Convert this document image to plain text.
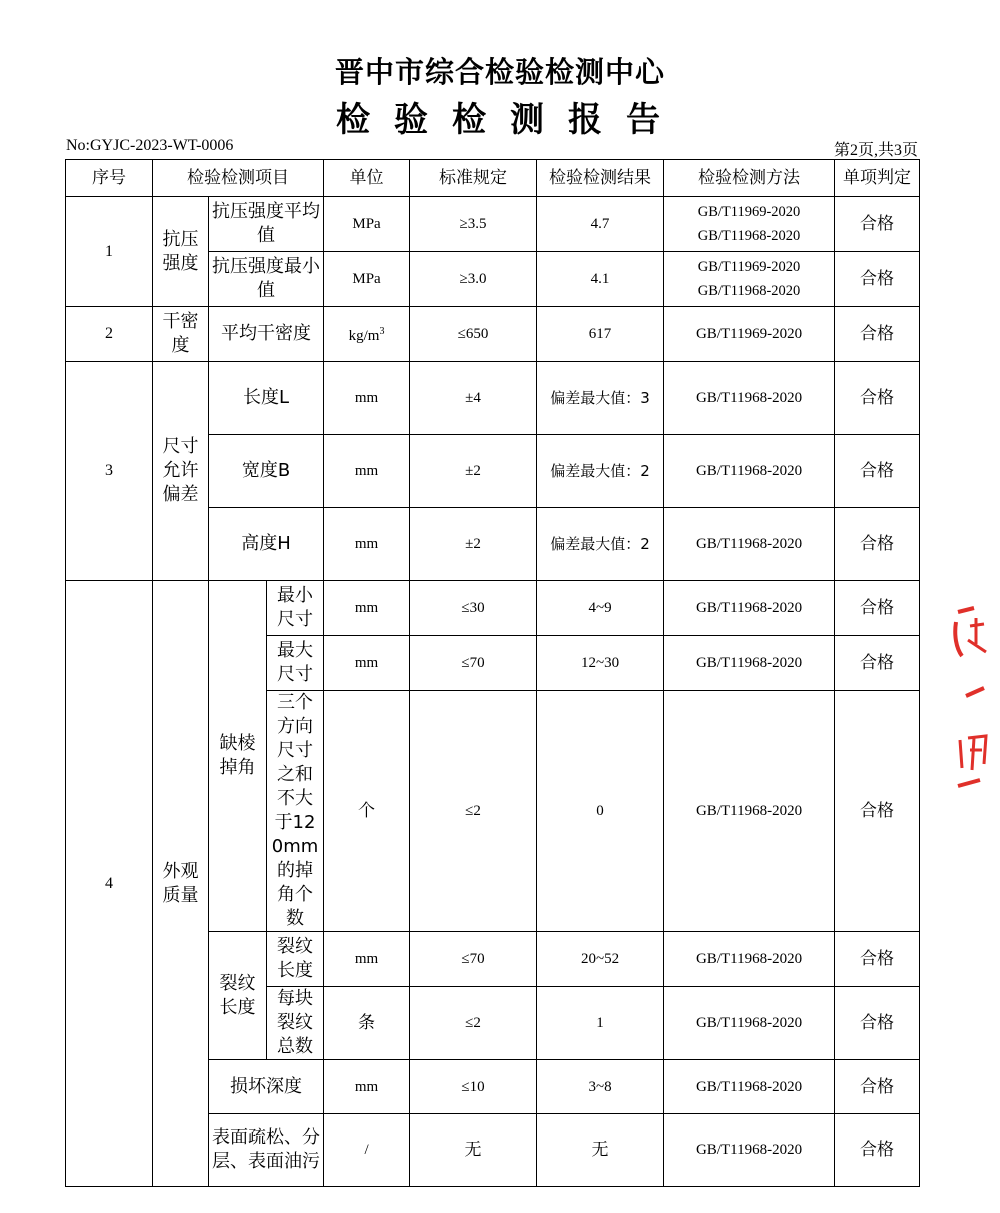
晋中市综合检验检测中心
检验检测报告
No:GYJC-2023-WT-0006	第2页,共3页
序号	检验检测项目			单位	标准规定	检验检测结果	检验检测方法	单项判定
1	抗压强度	抗压强度平均值		MPa	≥3.5	4.7	GB/T11969-2020 GB/T11968-2020	合格
		抗压强度最小值		MPa	≥3.0	4.1	GB/T11969-2020 GB/T11968-2020	合格
2	干密度	平均干密度		$kg/m^3$	≤650	617	GB/T11969-2020	合格
3	尺寸允许偏差	长度L		mm	±4	偏差最大值：3	GB/T11968-2020	合格
		宽度B		mm	±2	偏差最大值：2	GB/T11968-2020	合格
		高度H		mm	±2	偏差最大值：2	GB/T11968-2020	合格
4	外观质量	缺棱掉角	最小尺寸	mm	≤30	4~9	GB/T11968-2020	合格
			最大尺寸	mm	≤70	12~30	GB/T11968-2020	合格
			三个方向尺寸之和不大于120mm的掉角个数	个	≤2	0	GB/T11968-2020	合格
		裂纹长度	裂纹长度	mm	≤70	20~52	GB/T11968-2020	合格
			每块裂纹总数	条	≤2	1	GB/T11968-2020	合格
		损坏深度		mm	≤10	3~8	GB/T11968-2020	合格
		表面疏松、分层、表面油污		/	无	无	GB/T11968-2020	合格
